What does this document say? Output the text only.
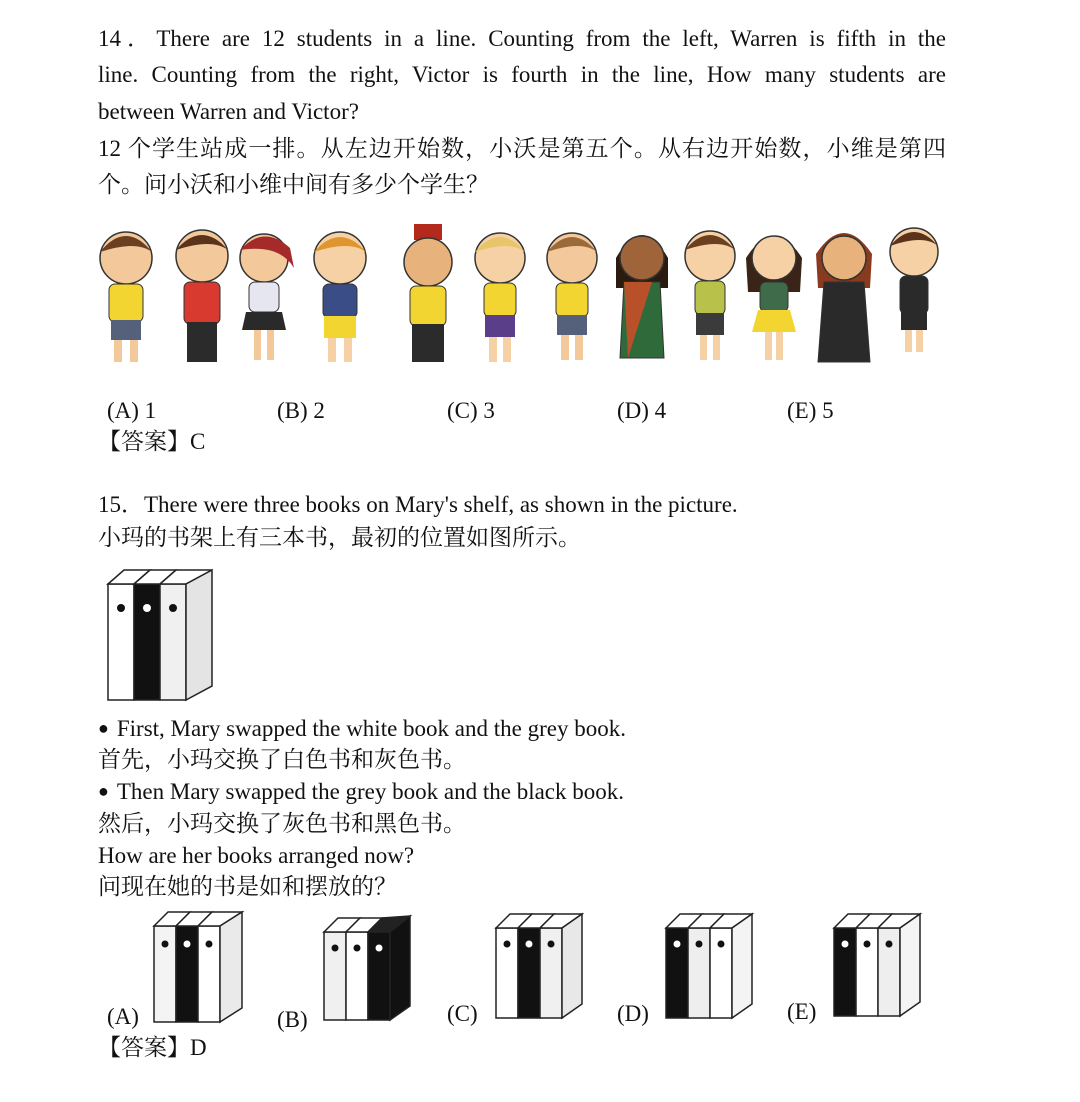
14．There are 12 students in a line. Counting from the left, Warren is fifth in the
line. Counting from the right, Victor is fourth in the line, How many students are
between Warren and Victor?
12 个学生站成一排。从左边开始数，小沃是第五个。从右边开始数，小维是第四
个。问小沃和小维中间有多少个学生？
(A) 1	(B) 2	(C) 3	(D) 4	(E) 5
【答案】C
15．There were three books on Mary's shelf, as shown in the picture.
小玛的书架上有三本书，最初的位置如图所示。
● First, Mary swapped the white book and the grey book.
首先，小玛交换了白色书和灰色书。
● Then Mary swapped the grey book and the black book.
然后，小玛交换了灰色书和黑色书。
How are her books arranged now?
问现在她的书是如和摆放的？
(A)	(B)	(C)	(D)	(E)
【答案】D
